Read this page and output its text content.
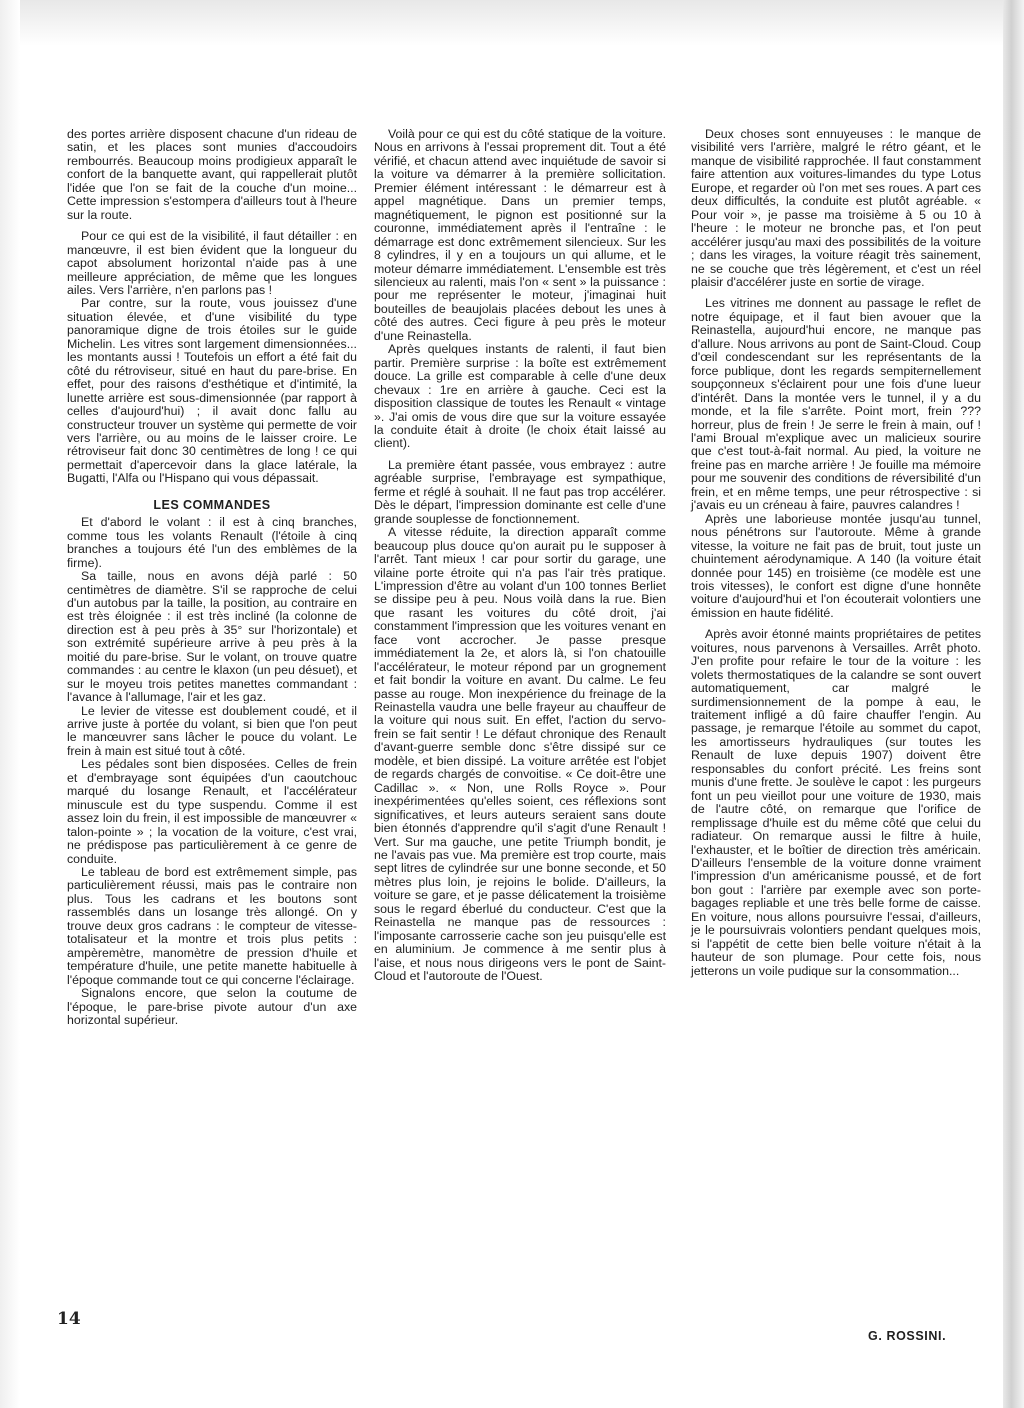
des portes arrière disposent chacune d'un rideau de satin, et les places sont munies d'accoudoirs rembourrés. Beaucoup moins prodigieux apparaît le confort de la banquette avant, qui rappellerait plutôt l'idée que l'on se fait de la couche d'un moine... Cette impression s'estompera d'ailleurs tout à l'heure sur la route.

Pour ce qui est de la visibilité, il faut détailler : en manœuvre, il est bien évident que la longueur du capot absolument horizontal n'aide pas à une meilleure appréciation, de même que les longues ailes. Vers l'arrière, n'en parlons pas !

Par contre, sur la route, vous jouissez d'une situation élevée, et d'une visibilité du type panoramique digne de trois étoiles sur le guide Michelin. Les vitres sont largement dimensionnées... les montants aussi ! Toutefois un effort a été fait du côté du rétroviseur, situé en haut du pare-brise. En effet, pour des raisons d'esthétique et d'intimité, la lunette arrière est sous-dimensionnée (par rapport à celles d'aujourd'hui) ; il avait donc fallu au constructeur trouver un système qui permette de voir vers l'arrière, ou au moins de le laisser croire. Le rétroviseur fait donc 30 centimètres de long ! ce qui permettait d'apercevoir dans la glace latérale, la Bugatti, l'Alfa ou l'Hispano qui vous dépassait.

LES COMMANDES

Et d'abord le volant : il est à cinq branches, comme tous les volants Renault (l'étoile à cinq branches a toujours été l'un des emblèmes de la firme).

Sa taille, nous en avons déjà parlé : 50 centimètres de diamètre. S'il se rapproche de celui d'un autobus par la taille, la position, au contraire en est très éloignée : il est très incliné (la colonne de direction est à peu près à 35° sur l'horizontale) et son extrémité supérieure arrive à peu près à la moitié du pare-brise. Sur le volant, on trouve quatre commandes : au centre le klaxon (un peu désuet), et sur le moyeu trois petites manettes commandant : l'avance à l'allumage, l'air et les gaz.

Le levier de vitesse est doublement coudé, et il arrive juste à portée du volant, si bien que l'on peut le manœuvrer sans lâcher le pouce du volant. Le frein à main est situé tout à côté.

Les pédales sont bien disposées. Celles de frein et d'embrayage sont équipées d'un caoutchouc marqué du losange Renault, et l'accélérateur minuscule est du type suspendu. Comme il est assez loin du frein, il est impossible de manœuvrer « talon-pointe » ; la vocation de la voiture, c'est vrai, ne prédispose pas particulièrement à ce genre de conduite.

Le tableau de bord est extrêmement simple, pas particulièrement réussi, mais pas le contraire non plus. Tous les cadrans et les boutons sont rassemblés dans un losange très allongé. On y trouve deux gros cadrans : le compteur de vitesse-totalisateur et la montre et trois plus petits : ampèremètre, manomètre de pression d'huile et température d'huile, une petite manette habituelle à l'époque commande tout ce qui concerne l'éclairage.

Signalons encore, que selon la coutume de l'époque, le pare-brise pivote autour d'un axe horizontal supérieur.

Voilà pour ce qui est du côté statique de la voiture. Nous en arrivons à l'essai proprement dit. Tout a été vérifié, et chacun attend avec inquiétude de savoir si la voiture va démarrer à la première sollicitation. Premier élément intéressant : le démarreur est à appel magnétique. Dans un premier temps, magnétiquement, le pignon est positionné sur la couronne, immédiatement après il l'entraîne : le démarrage est donc extrêmement silencieux. Sur les 8 cylindres, il y en a toujours un qui allume, et le moteur démarre immédiatement. L'ensemble est très silencieux au ralenti, mais l'on « sent » la puissance : pour me représenter le moteur, j'imaginai huit bouteilles de beaujolais placées debout les unes à côté des autres. Ceci figure à peu près le moteur d'une Reinastella.

Après quelques instants de ralenti, il faut bien partir. Première surprise : la boîte est extrêmement douce. La grille est comparable à celle d'une deux chevaux : 1re en arrière à gauche. Ceci est la disposition classique de toutes les Renault « vintage ». J'ai omis de vous dire que sur la voiture essayée la conduite était à droite (le choix était laissé au client).

La première étant passée, vous embrayez : autre agréable surprise, l'embrayage est sympathique, ferme et réglé à souhait. Il ne faut pas trop accélérer. Dès le départ, l'impression dominante est celle d'une grande souplesse de fonctionnement.

A vitesse réduite, la direction apparaît comme beaucoup plus douce qu'on aurait pu le supposer à l'arrêt. Tant mieux ! car pour sortir du garage, une vilaine porte étroite qui n'a pas l'air très pratique. L'impression d'être au volant d'un 100 tonnes Berliet se dissipe peu à peu. Nous voilà dans la rue. Bien que rasant les voitures du côté droit, j'ai constamment l'impression que les voitures venant en face vont accrocher. Je passe presque immédiatement la 2e, et alors là, si l'on chatouille l'accélérateur, le moteur répond par un grognement et fait bondir la voiture en avant. Du calme. Le feu passe au rouge. Mon inexpérience du freinage de la Reinastella vaudra une belle frayeur au chauffeur de la voiture qui nous suit. En effet, l'action du servo-frein se fait sentir ! Le défaut chronique des Renault d'avant-guerre semble donc s'être dissipé sur ce modèle, et bien dissipé. La voiture arrêtée est l'objet de regards chargés de convoitise. « Ce doit-être une Cadillac ». « Non, une Rolls Royce ». Pour inexpérimentées qu'elles soient, ces réflexions sont significatives, et leurs auteurs seraient sans doute bien étonnés d'apprendre qu'il s'agit d'une Renault ! Vert. Sur ma gauche, une petite Triumph bondit, je ne l'avais pas vue. Ma première est trop courte, mais sept litres de cylindrée sur une bonne seconde, et 50 mètres plus loin, je rejoins le bolide. D'ailleurs, la voiture se gare, et je passe délicatement la troisième sous le regard éberlué du conducteur. C'est que la Reinastella ne manque pas de ressources : l'imposante carrosserie cache son jeu puisqu'elle est en aluminium. Je commence à me sentir plus à l'aise, et nous nous dirigeons vers le pont de Saint-Cloud et l'autoroute de l'Ouest.

Deux choses sont ennuyeuses : le manque de visibilité vers l'arrière, malgré le rétro géant, et le manque de visibilité rapprochée. Il faut constamment faire attention aux voitures-limandes du type Lotus Europe, et regarder où l'on met ses roues. A part ces deux difficultés, la conduite est plutôt agréable. « Pour voir », je passe ma troisième à 5 ou 10 à l'heure : le moteur ne bronche pas, et l'on peut accélérer jusqu'au maxi des possibilités de la voiture ; dans les virages, la voiture réagit très sainement, ne se couche que très légèrement, et c'est un réel plaisir d'accélérer juste en sortie de virage.

Les vitrines me donnent au passage le reflet de notre équipage, et il faut bien avouer que la Reinastella, aujourd'hui encore, ne manque pas d'allure. Nous arrivons au pont de Saint-Cloud. Coup d'œil condescendant sur les représentants de la force publique, dont les regards sempiternellement soupçonneux s'éclairent pour une fois d'une lueur d'intérêt. Dans la montée vers le tunnel, il y a du monde, et la file s'arrête. Point mort, frein ??? horreur, plus de frein ! Je serre le frein à main, ouf ! l'ami Broual m'explique avec un malicieux sourire que c'est tout-à-fait normal. Au pied, la voiture ne freine pas en marche arrière ! Je fouille ma mémoire pour me souvenir des conditions de réversibilité d'un frein, et en même temps, une peur rétrospective : si j'avais eu un créneau à faire, pauvres calandres !

Après une laborieuse montée jusqu'au tunnel, nous pénétrons sur l'autoroute. Même à grande vitesse, la voiture ne fait pas de bruit, tout juste un chuintement aérodynamique. A 140 (la voiture était donnée pour 145) en troisième (ce modèle est une trois vitesses), le confort est digne d'une honnête voiture d'aujourd'hui et l'on écouterait volontiers une émission en haute fidélité.

Après avoir étonné maints propriétaires de petites voitures, nous parvenons à Versailles. Arrêt photo. J'en profite pour refaire le tour de la voiture : les volets thermostatiques de la calandre se sont ouvert automatiquement, car malgré le surdimensionnement de la pompe à eau, le traitement infligé a dû faire chauffer l'engin. Au passage, je remarque l'étoile au sommet du capot, les amortisseurs hydrauliques (sur toutes les Renault de luxe depuis 1907) doivent être responsables du confort précité. Les freins sont munis d'une frette. Je soulève le capot : les purgeurs font un peu vieillot pour une voiture de 1930, mais de l'autre côté, on remarque que l'orifice de remplissage d'huile est du même côté que celui du radiateur. On remarque aussi le filtre à huile, l'exhauster, et le boîtier de direction très américain. D'ailleurs l'ensemble de la voiture donne vraiment l'impression d'un américanisme poussé, et de fort bon gout : l'arrière par exemple avec son porte-bagages repliable et une très belle forme de caisse. En voiture, nous allons poursuivre l'essai, d'ailleurs, je le poursuivrais volontiers pendant quelques mois, si l'appétit de cette bien belle voiture n'était à la hauteur de son plumage. Pour cette fois, nous jetterons un voile pudique sur la consommation...

G. ROSSINI.
14
